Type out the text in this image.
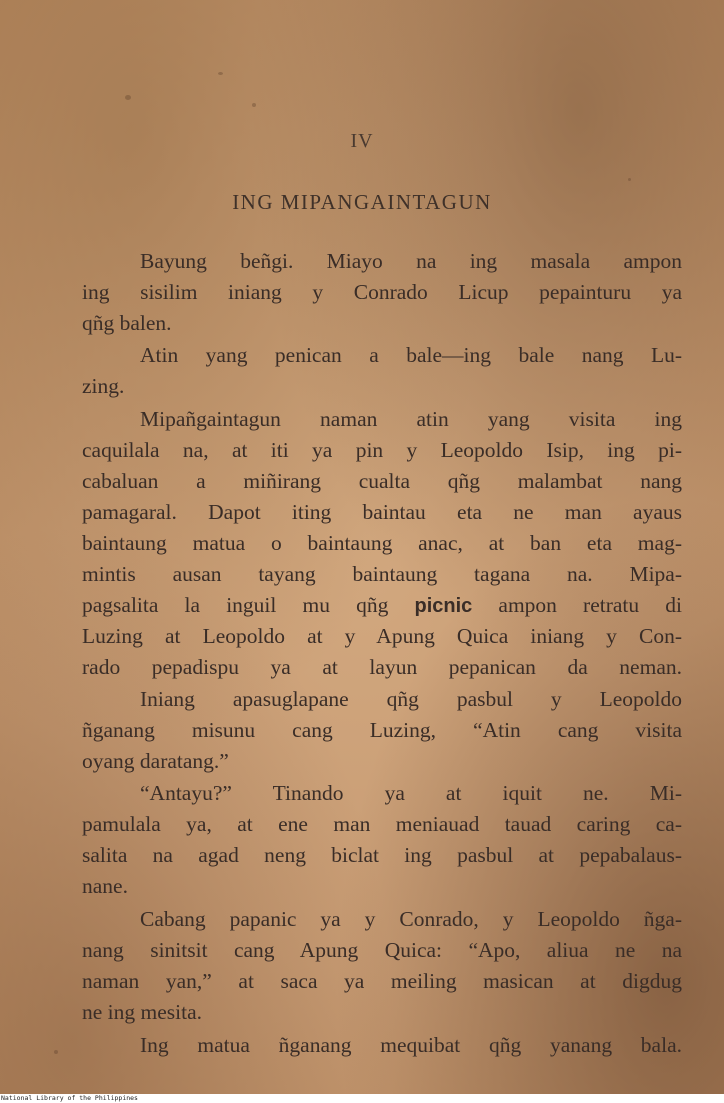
IV
ING MIPANGAINTAGUN
Bayung beñgi. Miayo na ing masala ampon
ing sisilim iniang y Conrado Licup pepainturu ya
qñg balen.
Atin yang penican a bale—ing bale nang Lu-
zing.
Mipañgaintagun naman atin yang visita ing
caquilala na, at iti ya pin y Leopoldo Isip, ing pi-
cabaluan a miñirang cualta qñg malambat nang
pamagaral. Dapot iting baintau eta ne man ayaus
baintaung matua o baintaung anac, at ban eta mag-
mintis ausan tayang baintaung tagana na. Mipa-
pagsalita la inguil mu qñg picnic ampon retratu di
Luzing at Leopoldo at y Apung Quica iniang y Con-
rado pepadispu ya at layun pepanican da neman.
Iniang apasuglapane qñg pasbul y Leopoldo
ñganang misunu cang Luzing, “Atin cang visita
oyang daratang.”
“Antayu?” Tinando ya at iquit ne. Mi-
pamulala ya, at ene man meniauad tauad caring ca-
salita na agad neng biclat ing pasbul at pepabalaus-
nane.
Cabang papanic ya y Conrado, y Leopoldo ñga-
nang sinitsit cang Apung Quica: “Apo, aliua ne na
naman yan,” at saca ya meiling masican at digdug
ne ing mesita.
Ing matua ñganang mequibat qñg yanang bala.
National Library of the Philippines
